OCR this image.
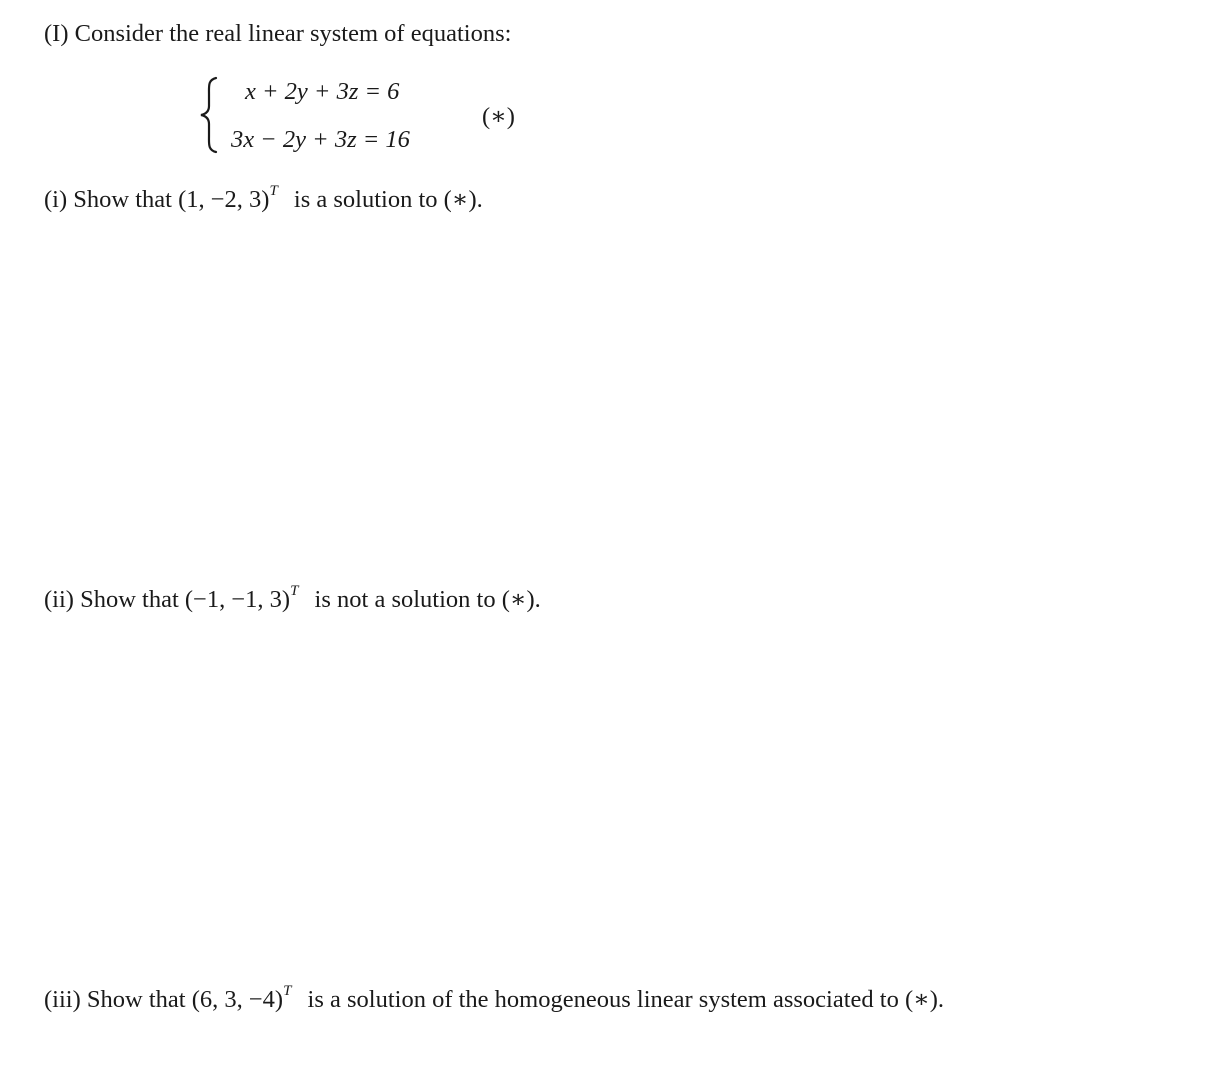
(I) Consider the real linear system of equations:
x + 2y + 3z = 6
3x − 2y + 3z = 16
(∗)
(i) Show that (1, −2, 3)$^T$ is a solution to (∗).
(ii) Show that (−1, −1, 3)$^T$ is not a solution to (∗).
(iii) Show that (6, 3, −4)$^T$ is a solution of the homogeneous linear system associated to (∗).
